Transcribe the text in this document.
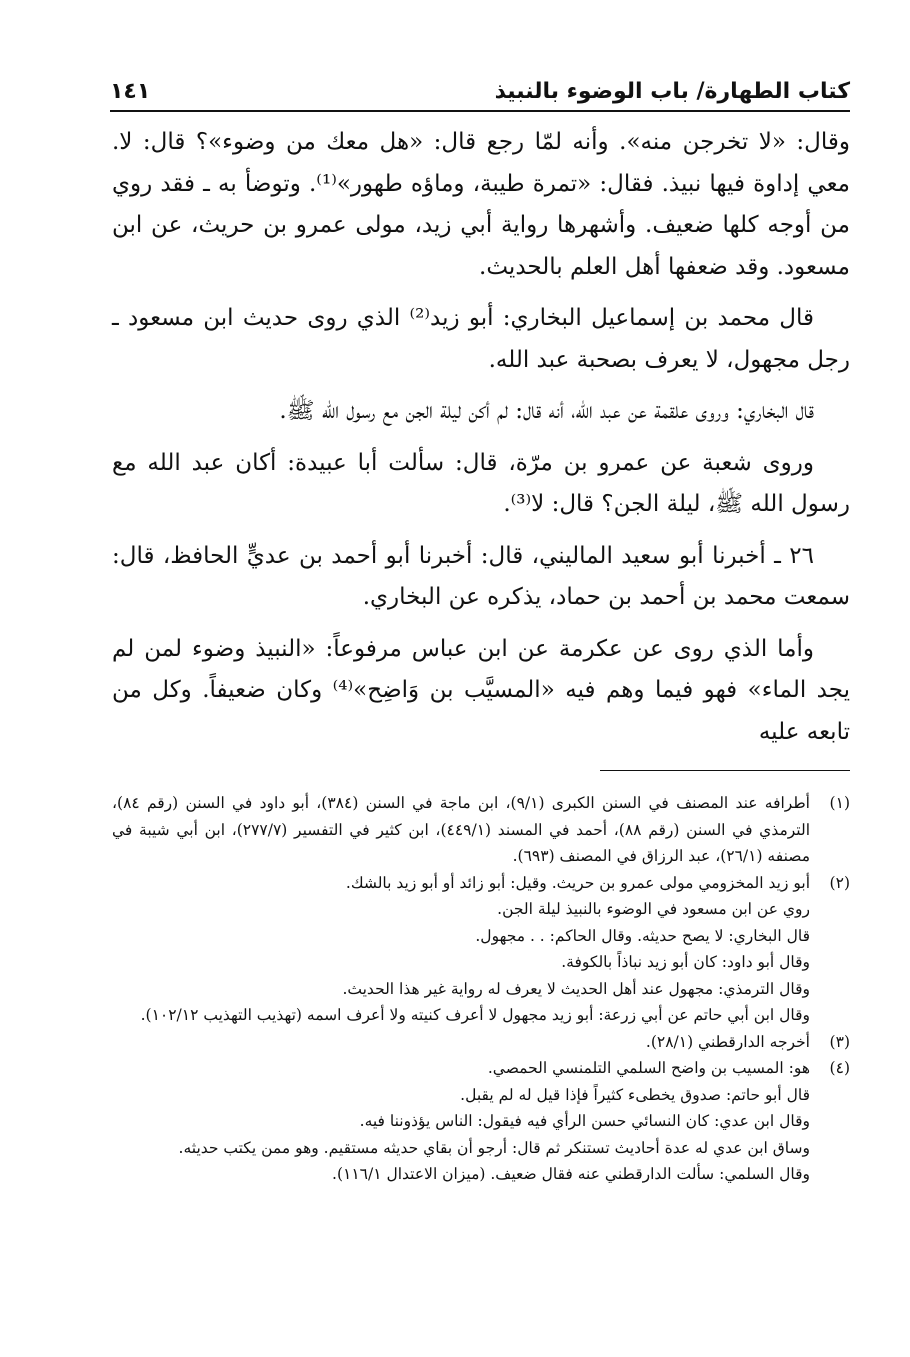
كتاب الطهارة/ باب الوضوء بالنبيذ
١٤١

وقال: «لا تخرجن منه». وأنه لمّا رجع قال: «هل معك من وضوء»؟ قال: لا. معي إداوة فيها نبيذ. فقال: «تمرة طيبة، وماؤه طهور»⁽¹⁾. وتوضأ به ـ فقد روي من أوجه كلها ضعيف. وأشهرها رواية أبي زيد، مولى عمرو بن حريث، عن ابن مسعود. وقد ضعفها أهل العلم بالحديث.

قال محمد بن إسماعيل البخاري: أبو زيد⁽²⁾ الذي روى حديث ابن مسعود ـ رجل مجهول، لا يعرف بصحبة عبد الله.

قال البخاري: وروى علقمة عن عبد الله، أنه قال: لم أكن ليلة الجن مع رسول الله ﷺ.

وروى شعبة عن عمرو بن مرّة، قال: سألت أبا عبيدة: أكان عبد الله مع رسول الله ﷺ، ليلة الجن؟ قال: لا⁽³⁾.

٢٦ ـ أخبرنا أبو سعيد الماليني، قال: أخبرنا أبو أحمد بن عديٍّ الحافظ، قال: سمعت محمد بن أحمد بن حماد، يذكره عن البخاري.

وأما الذي روى عن عكرمة عن ابن عباس مرفوعاً: «النبيذ وضوء لمن لم يجد الماء» فهو فيما وهم فيه «المسيَّب بن وَاضِح»⁽⁴⁾ وكان ضعيفاً. وكل من تابعه عليه

(١)
أطرافه عند المصنف في السنن الكبرى (٩/١)، ابن ماجة في السنن (٣٨٤)، أبو داود في السنن (رقم ٨٤)، الترمذي في السنن (رقم ٨٨)، أحمد في المسند (٤٤٩/١)، ابن كثير في التفسير (٢٧٧/٧)، ابن أبي شيبة في مصنفه (٢٦/١)، عبد الرزاق في المصنف (٦٩٣).
(٢)
أبو زيد المخزومي مولى عمرو بن حريث. وقيل: أبو زائد أو أبو زيد بالشك.
روي عن ابن مسعود في الوضوء بالنبيذ ليلة الجن.
قال البخاري: لا يصح حديثه. وقال الحاكم: . . مجهول.
وقال أبو داود: كان أبو زيد نباذاً بالكوفة.
وقال الترمذي: مجهول عند أهل الحديث لا يعرف له رواية غير هذا الحديث.
وقال ابن أبي حاتم عن أبي زرعة: أبو زيد مجهول لا أعرف كنيته ولا أعرف اسمه (تهذيب التهذيب ١٠٢/١٢).
(٣)
أخرجه الدارقطني (٢٨/١).
(٤)
هو: المسيب بن واضح السلمي التلمنسي الحمصي.
قال أبو حاتم: صدوق يخطىء كثيراً فإذا قيل له لم يقبل.
وقال ابن عدي: كان النسائي حسن الرأي فيه فيقول: الناس يؤذوننا فيه.
وساق ابن عدي له عدة أحاديث تستنكر ثم قال: أرجو أن بقاي حديثه مستقيم. وهو ممن يكتب حديثه.
وقال السلمي: سألت الدارقطني عنه فقال ضعيف. (ميزان الاعتدال ١١٦/١).
